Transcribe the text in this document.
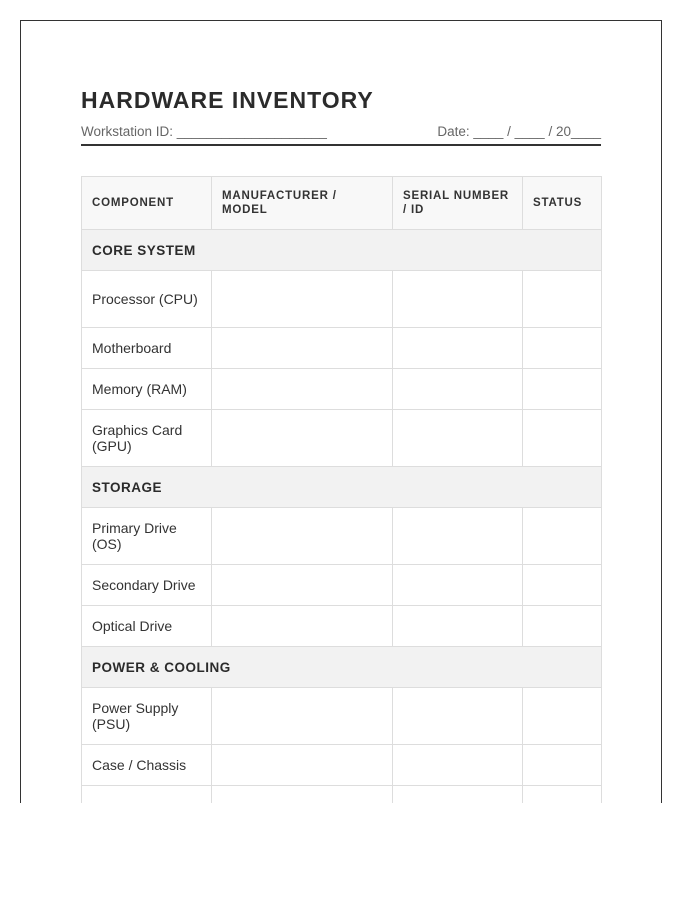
HARDWARE INVENTORY
Workstation ID: ____________________	Date: ____ / ____ / 20____
COMPONENT	MANUFACTURER / MODEL	SERIAL NUMBER / ID	STATUS
CORE SYSTEM			
Processor (CPU)			
Motherboard			
Memory (RAM)			
Graphics Card (GPU)			
STORAGE			
Primary Drive (OS)			
Secondary Drive			
Optical Drive			
POWER & COOLING			
Power Supply (PSU)			
Case / Chassis			
